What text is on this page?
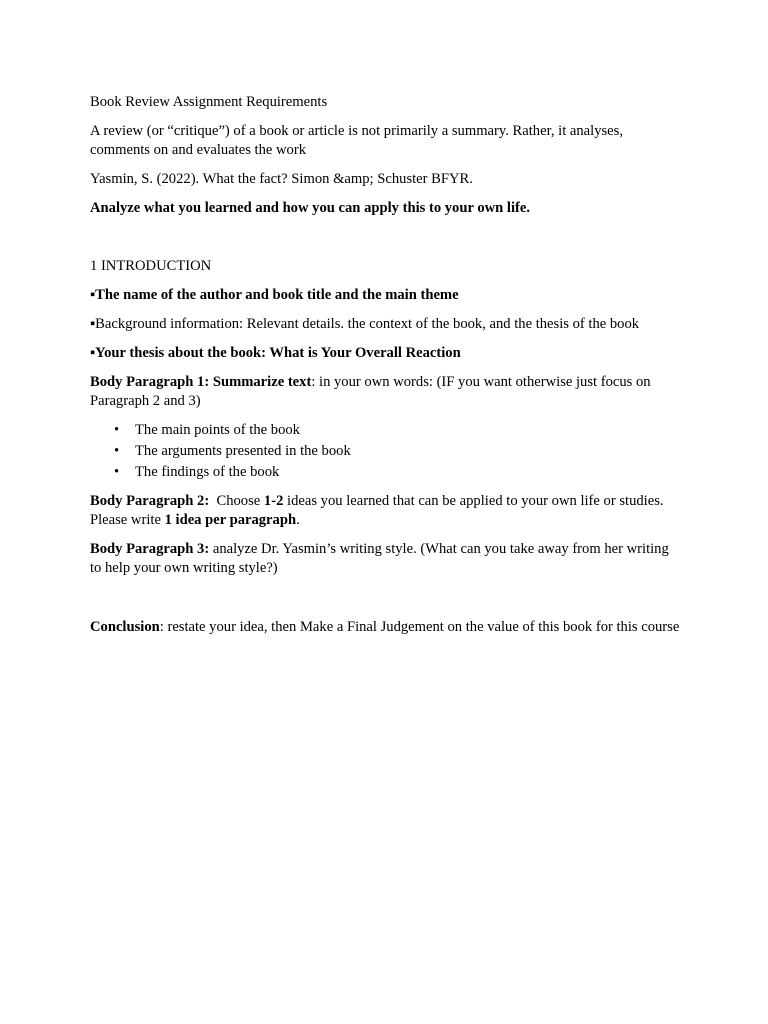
Book Review Assignment Requirements

A review (or “critique”) of a book or article is not primarily a summary. Rather, it analyses, comments on and evaluates the work

Yasmin, S. (2022). What the fact? Simon &amp; Schuster BFYR.

Analyze what you learned and how you can apply this to your own life.

1 INTRODUCTION

▪The name of the author and book title and the main theme

▪Background information: Relevant details. the context of the book, and the thesis of the book

▪Your thesis about the book: What is Your Overall Reaction

Body Paragraph 1: Summarize text: in your own words: (IF you want otherwise just focus on Paragraph 2 and 3)

• The main points of the book
• The arguments presented in the book
• The findings of the book

Body Paragraph 2:  Choose 1-2 ideas you learned that can be applied to your own life or studies.  Please write 1 idea per paragraph.

Body Paragraph 3: analyze Dr. Yasmin’s writing style. (What can you take away from her writing to help your own writing style?)

Conclusion: restate your idea, then Make a Final Judgement on the value of this book for this course
